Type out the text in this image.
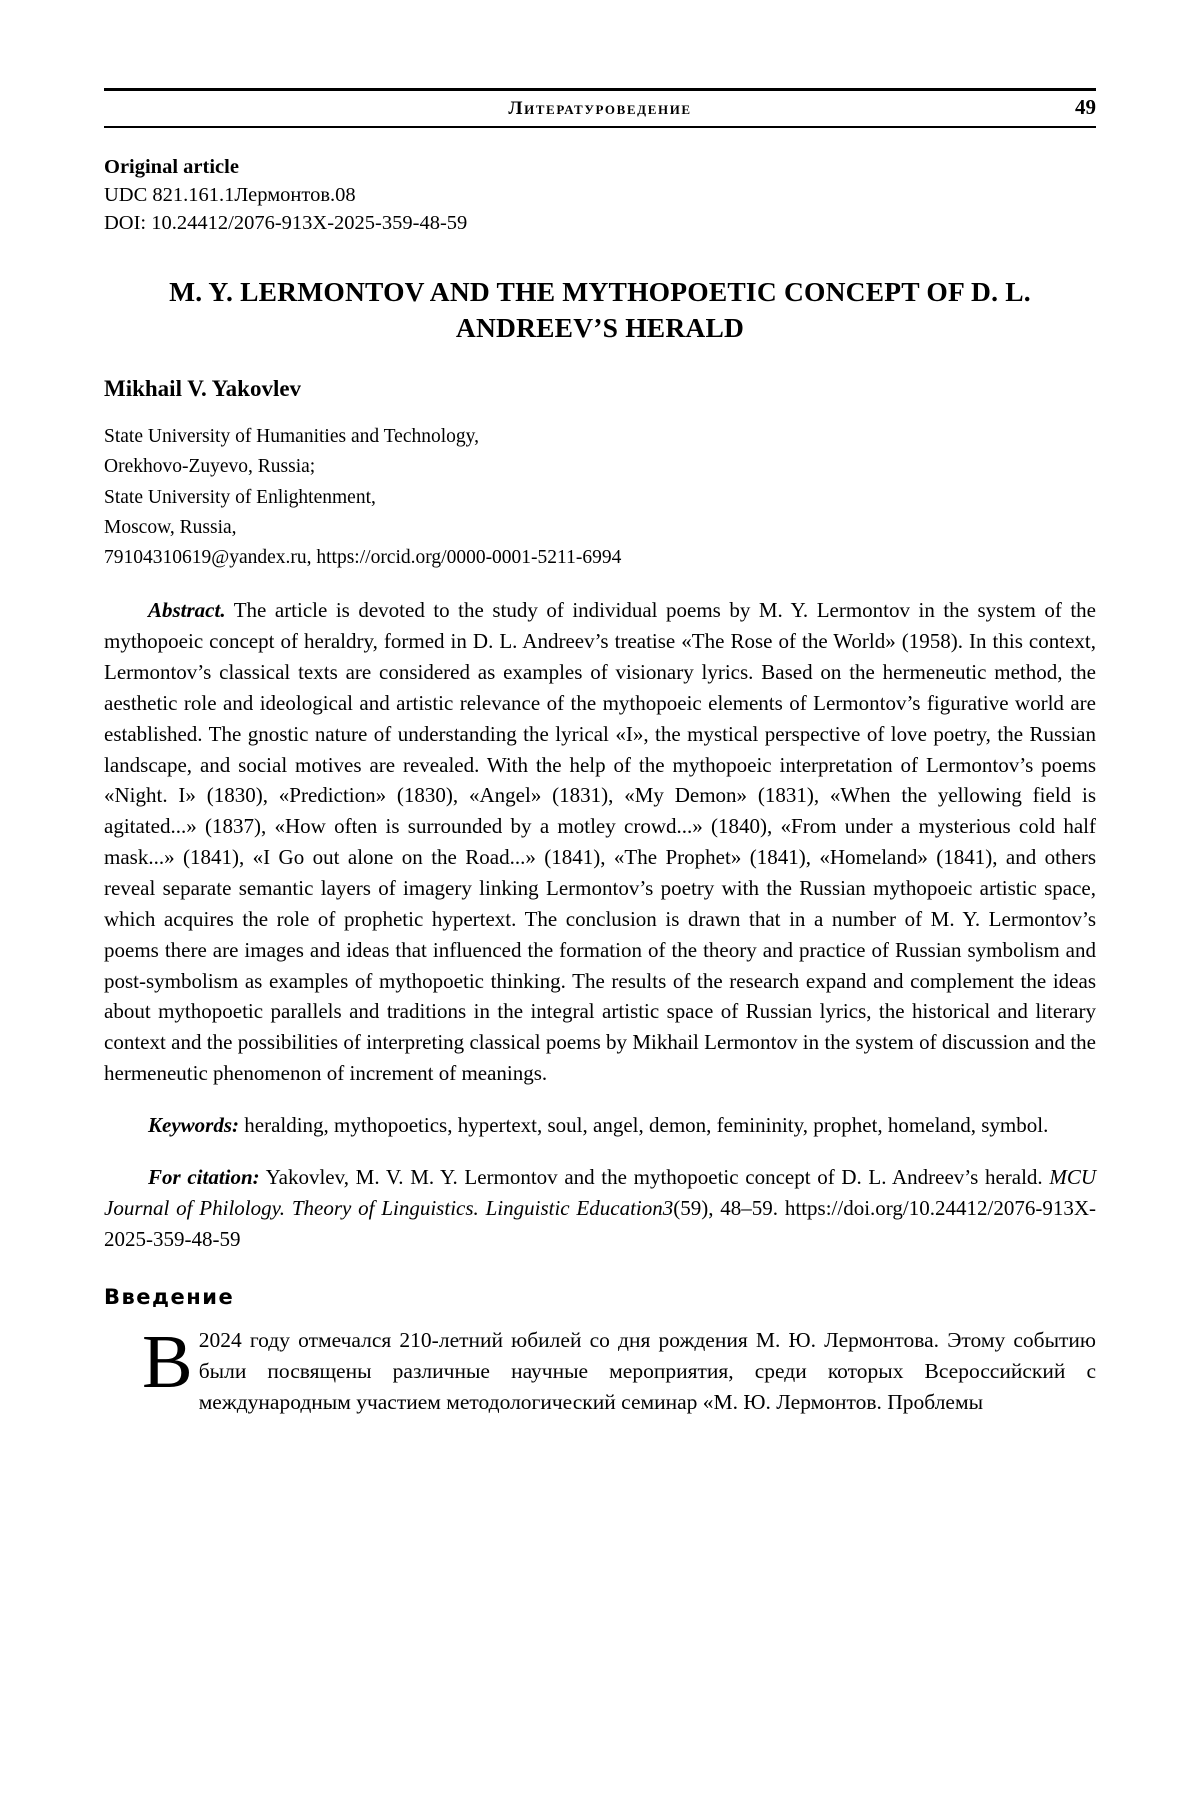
Литературоведение	49
Original article
UDC 821.161.1Лермонтов.08
DOI: 10.24412/2076-913X-2025-359-48-59
M. Y. LERMONTOV AND THE MYTHOPOETIC CONCEPT OF D. L. ANDREEV’S HERALD
Mikhail V. Yakovlev
State University of Humanities and Technology,
Orekhovo-Zuyevo, Russia;
State University of Enlightenment,
Moscow, Russia,
79104310619@yandex.ru, https://orcid.org/0000-0001-5211-6994

Abstract. The article is devoted to the study of individual poems by M. Y. Lermontov in the system of the mythopoeic concept of heraldry, formed in D. L. Andreev’s treatise «The Rose of the World» (1958). In this context, Lermontov’s classical texts are considered as examples of visionary lyrics. Based on the hermeneutic method, the aesthetic role and ideological and artistic relevance of the mythopoeic elements of Lermontov’s figurative world are established. The gnostic nature of understanding the lyrical «I», the mystical perspective of love poetry, the Russian landscape, and social motives are revealed. With the help of the mythopoeic interpretation of Lermontov’s poems «Night. I» (1830), «Prediction» (1830), «Angel» (1831), «My Demon» (1831), «When the yellowing field is agitated...» (1837), «How often is surrounded by a motley crowd...» (1840), «From under a mysterious cold half mask...» (1841), «I Go out alone on the Road...» (1841), «The Prophet» (1841), «Homeland» (1841), and others reveal separate semantic layers of imagery linking Lermontov’s poetry with the Russian mythopoeic artistic space, which acquires the role of prophetic hypertext. The conclusion is drawn that in a number of M. Y. Lermontov’s poems there are images and ideas that influenced the formation of the theory and practice of Russian symbolism and post-symbolism as examples of mythopoetic thinking. The results of the research expand and complement the ideas about mythopoetic parallels and traditions in the integral artistic space of Russian lyrics, the historical and literary context and the possibilities of interpreting classical poems by Mikhail Lermontov in the system of discussion and the hermeneutic phenomenon of increment of meanings.

Keywords: heralding, mythopoetics, hypertext, soul, angel, demon, femininity, prophet, homeland, symbol.

For citation: Yakovlev, M. V. M. Y. Lermontov and the mythopoetic concept of D. L. Andreev’s herald. MCU Journal of Philology. Theory of Linguistics. Linguistic Education3(59), 48–59. https://doi.org/10.24412/2076-913X-2025-359-48-59

Введение

В 2024 году отмечался 210-летний юбилей со дня рождения М. Ю. Лермонтова. Этому событию были посвящены различные научные мероприятия, среди которых Всероссийский с международным участием методологический семинар «М. Ю. Лермонтов. Проблемы
